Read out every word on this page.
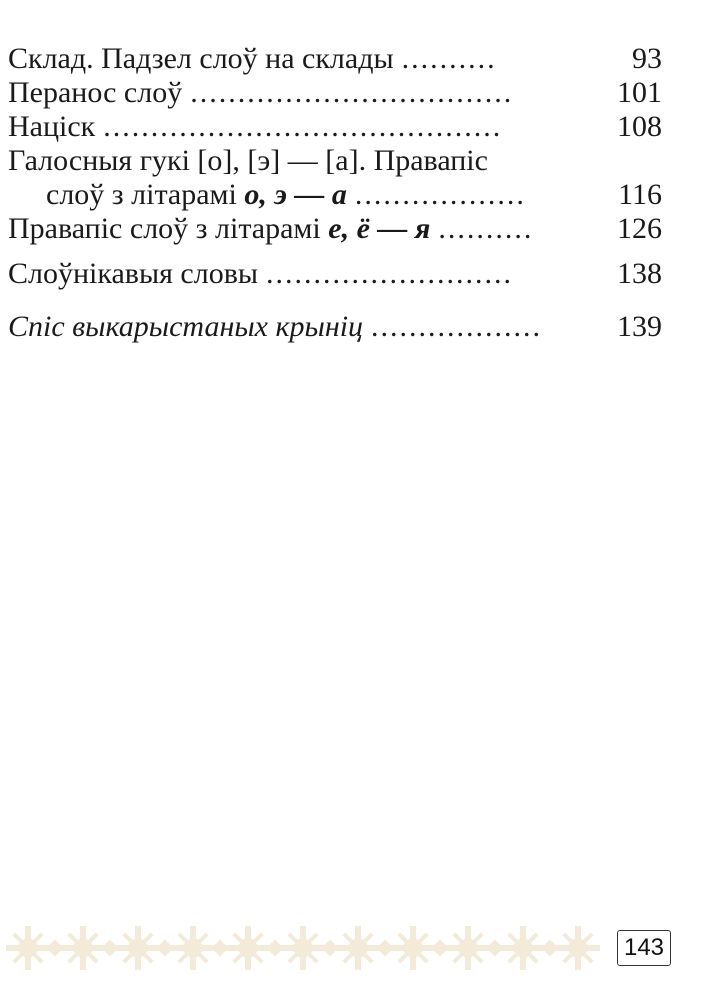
Склад. Падзел слоў на склады ..........	93
Перанос слоў ..................................	101
Націск ..........................................	108
Галосныя гукі [о], [э] — [а]. Правапіс
слоў з літарамі о, э — а ..................	116
Правапіс слоў з літарамі е, ё — я ..........	126
Слоўнікавыя словы ..........................	138
Спіс выкарыстаных крыніц ..................	139
143
